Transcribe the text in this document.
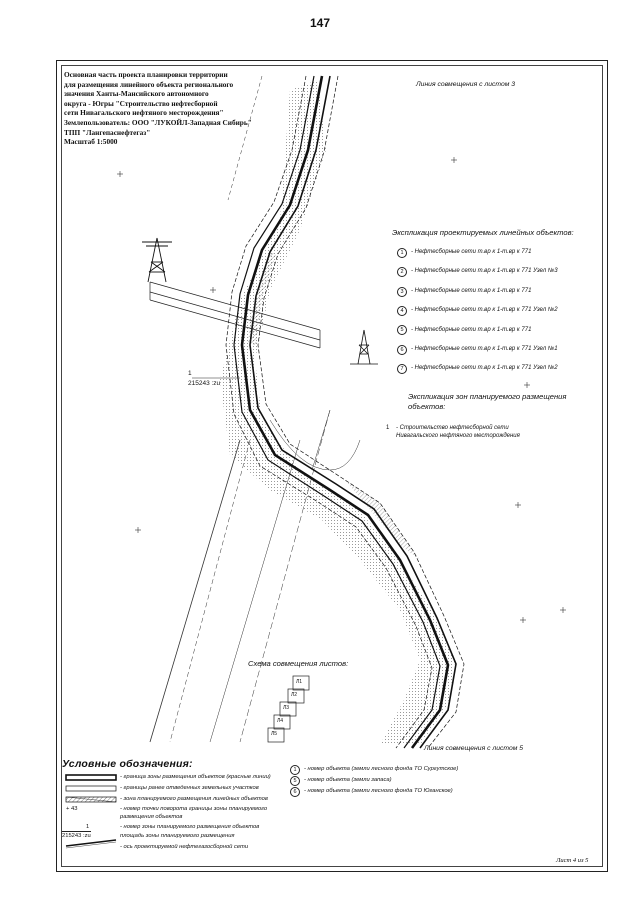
147
Основная часть проекта планировки территории
для размещения линейного объекта регионального
значения Ханты-Мансийского автономного
округа - Югры "Строительство нефтесборной
сети Нивагальского нефтяного месторождения"
Землепользователь: ООО "ЛУКОЙЛ-Западная Сибирь"
ТПП "Лангепаснефтегаз"
Масштаб 1:5000
Линия совмещения с листом 3
Линия совмещения с листом 5
Экспликация проектируемых линейных объектов:
1	- Нефтесборные сети т.вр к 1-т.вр к 771
2	- Нефтесборные сети т.вр к 1-т.вр к 771 Узел №3
3	- Нефтесборные сети т.вр к 1-т.вр к 771
4	- Нефтесборные сети т.вр к 1-т.вр к 771 Узел №2
5	- Нефтесборные сети т.вр к 1-т.вр к 771
6	- Нефтесборные сети т.вр к 1-т.вр к 771 Узел №1
7	- Нефтесборные сети т.вр к 1-т.вр к 771 Узел №2
Экспликация зон планируемого размещения
объектов:
1	- Строительство нефтесборной сети
Нивагальского нефтяного месторождения
1
215243 :zu
Схема совмещения листов:
Л1
Л2
Л3
Л4
Л5
Условные обозначения:
- граница зоны размещения объектов (красные линии)
- границы ранее отведенных земельных участков
- зона планируемого размещения линейных объектов
+ 43	- номер точки поворота границы зоны планируемого
размещения объектов
1
215243 :zu
- номер зоны планируемого размещения объектов
площадь зоны планируемого размещения
- ось проектируемой нефтегазосборной сети
1	- номер объекта (земли лесного фонда ТО Сургутское)
5	- номер объекта (земли запаса)
6	- номер объекта (земли лесного фонда ТО Юганское)
Лист 4 из 5
